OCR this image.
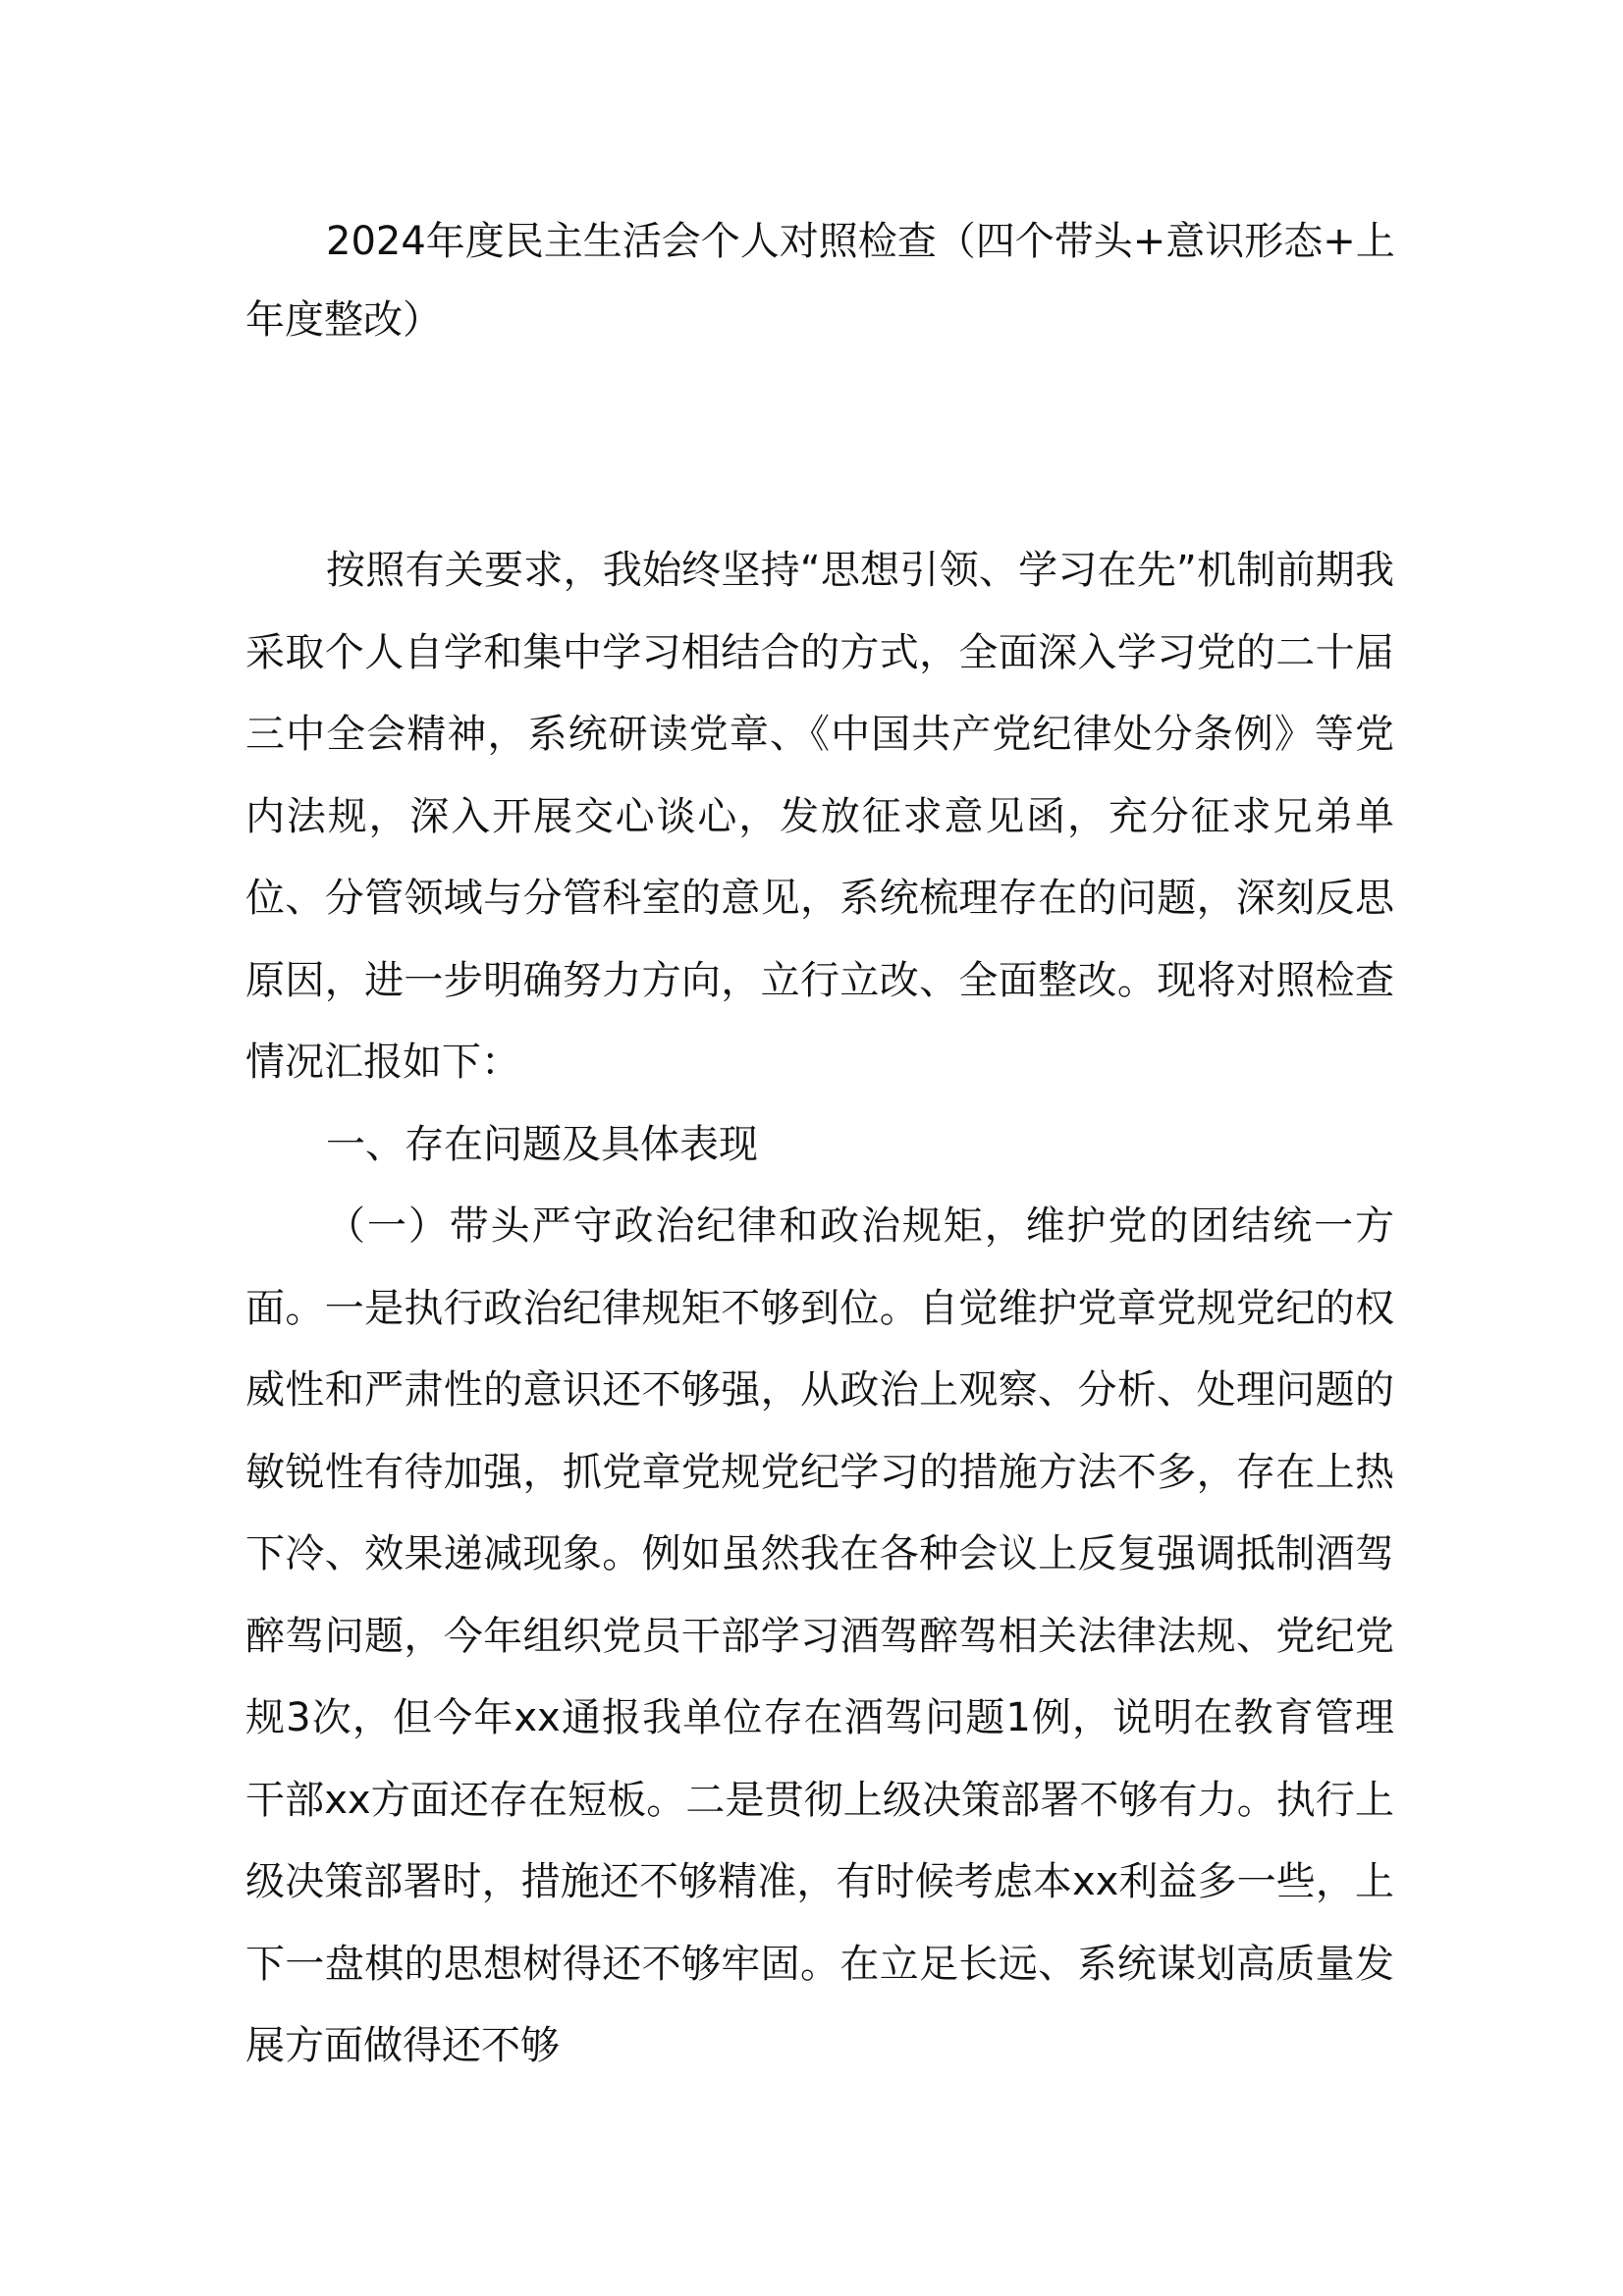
2024年度民主生活会个人对照检查（四个带头+意识形态+上年度整改）

按照有关要求，我始终坚持“思想引领、学习在先”机制前期我采取个人自学和集中学习相结合的方式，全面深入学习党的二十届三中全会精神，系统研读党章、《中国共产党纪律处分条例》等党内法规，深入开展交心谈心，发放征求意见函，充分征求兄弟单位、分管领域与分管科室的意见，系统梳理存在的问题，深刻反思原因，进一步明确努力方向，立行立改、全面整改。现将对照检查情况汇报如下：

一、存在问题及具体表现

（一）带头严守政治纪律和政治规矩，维护党的团结统一方面。一是执行政治纪律规矩不够到位。自觉维护党章党规党纪的权威性和严肃性的意识还不够强，从政治上观察、分析、处理问题的敏锐性有待加强，抓党章党规党纪学习的措施方法不多，存在上热下冷、效果递减现象。例如虽然我在各种会议上反复强调抵制酒驾醉驾问题，今年组织党员干部学习酒驾醉驾相关法律法规、党纪党规3次，但今年xx通报我单位存在酒驾问题1例，说明在教育管理干部xx方面还存在短板。二是贯彻上级决策部署不够有力。执行上级决策部署时，措施还不够精准，有时候考虑本xx利益多一些，上下一盘棋的思想树得还不够牢固。在立足长远、系统谋划高质量发展方面做得还不够
